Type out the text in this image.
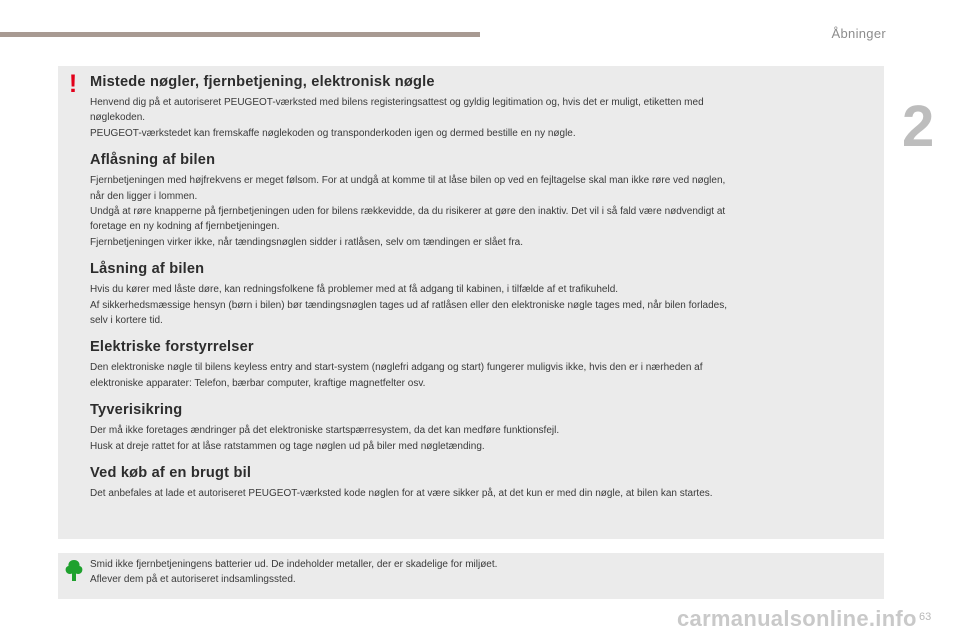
Åbninger
2
! Mistede nøgler, fjernbetjening, elektronisk nøgle

Henvend dig på et autoriseret PEUGEOT-værksted med bilens registeringsattest og gyldig legitimation og, hvis det er muligt, etiketten med
nøglekoden.
PEUGEOT-værkstedet kan fremskaffe nøglekoden og transponderkoden igen og dermed bestille en ny nøgle.

Aflåsning af bilen

Fjernbetjeningen med højfrekvens er meget følsom. For at undgå at komme til at låse bilen op ved en fejltagelse skal man ikke røre ved nøglen,
når den ligger i lommen.
Undgå at røre knapperne på fjernbetjeningen uden for bilens rækkevidde, da du risikerer at gøre den inaktiv. Det vil i så fald være nødvendigt at
foretage en ny kodning af fjernbetjeningen.
Fjernbetjeningen virker ikke, når tændingsnøglen sidder i ratlåsen, selv om tændingen er slået fra.

Låsning af bilen

Hvis du kører med låste døre, kan redningsfolkene få problemer med at få adgang til kabinen, i tilfælde af et trafikuheld.
Af sikkerhedsmæssige hensyn (børn i bilen) bør tændingsnøglen tages ud af ratlåsen eller den elektroniske nøgle tages med, når bilen forlades,
selv i kortere tid.

Elektriske forstyrrelser

Den elektroniske nøgle til bilens keyless entry and start-system (nøglefri adgang og start) fungerer muligvis ikke, hvis den er i nærheden af
elektroniske apparater: Telefon, bærbar computer, kraftige magnetfelter osv.

Tyverisikring

Der må ikke foretages ændringer på det elektroniske startspærresystem, da det kan medføre funktionsfejl.
Husk at dreje rattet for at låse ratstammen og tage nøglen ud på biler med nøgletænding.

Ved køb af en brugt bil

Det anbefales at lade et autoriseret PEUGEOT-værksted kode nøglen for at være sikker på, at det kun er med din nøgle, at bilen kan startes.

Smid ikke fjernbetjeningens batterier ud. De indeholder metaller, der er skadelige for miljøet.
Aflever dem på et autoriseret indsamlingssted.
carmanualsonline.info 63
